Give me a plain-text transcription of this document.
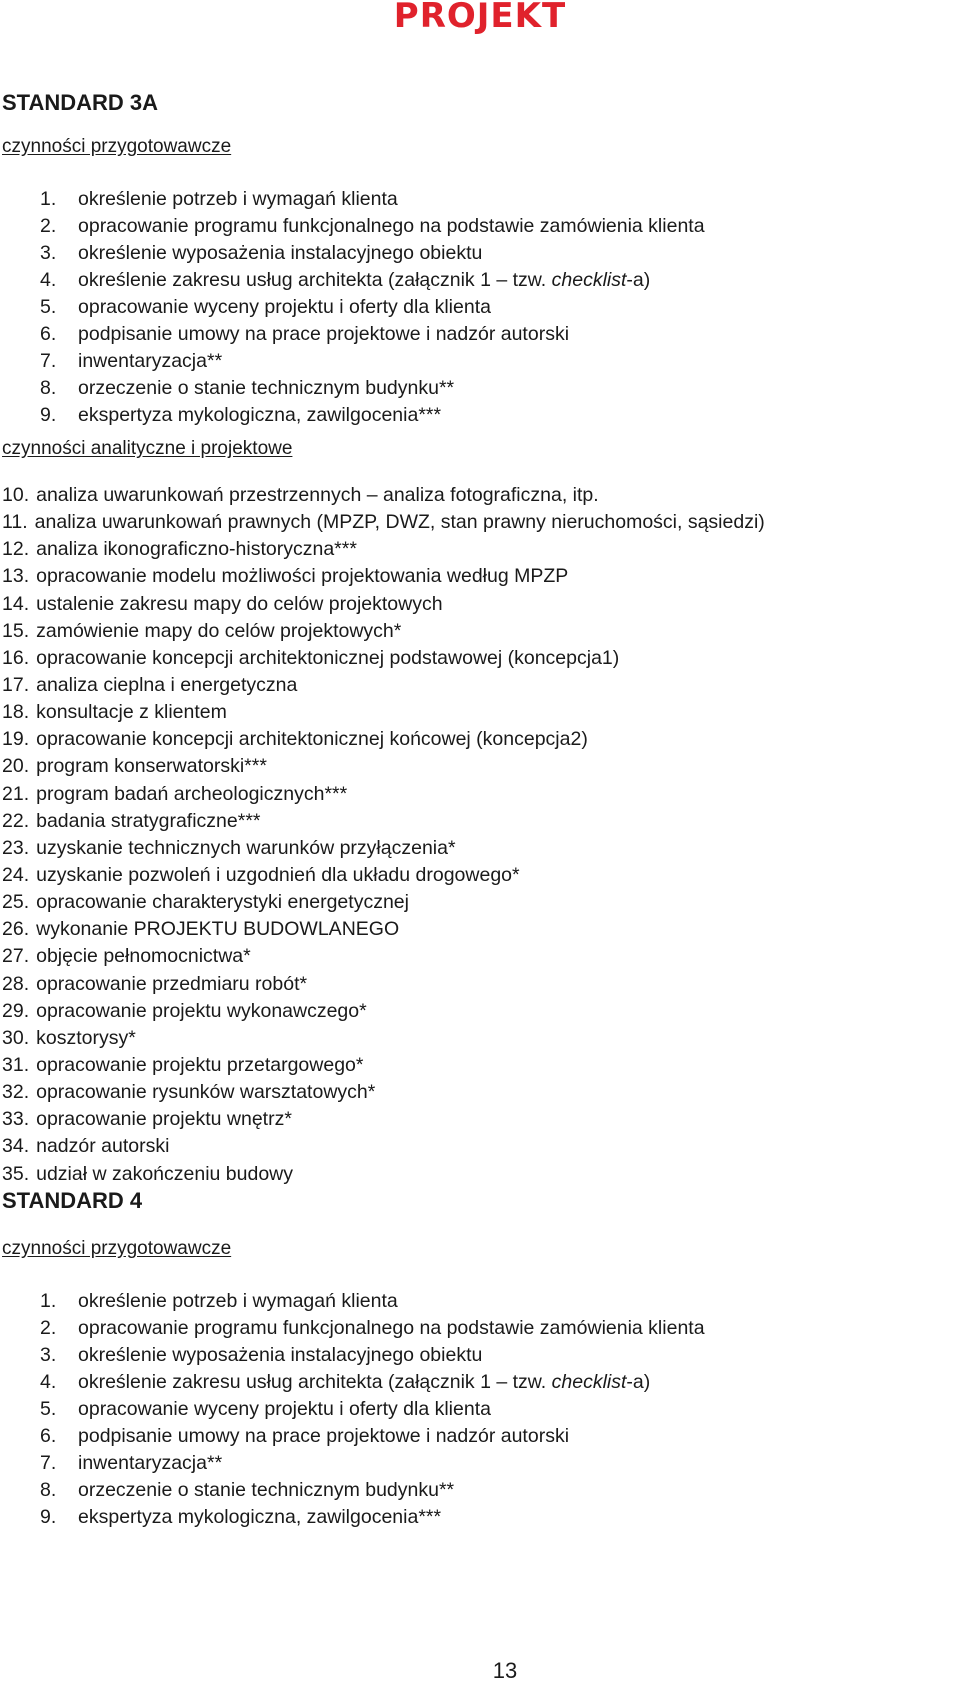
PROJEKT
STANDARD 3A
czynności przygotowawcze
1. określenie potrzeb i wymagań klienta
2. opracowanie programu funkcjonalnego na podstawie zamówienia klienta
3. określenie wyposażenia instalacyjnego obiektu
4. określenie zakresu usług architekta (załącznik 1 – tzw. checklist-a)
5. opracowanie wyceny projektu i oferty dla klienta
6. podpisanie umowy na prace projektowe i nadzór autorski
7. inwentaryzacja**
8. orzeczenie o stanie technicznym budynku**
9. ekspertyza mykologiczna, zawilgocenia***
czynności analityczne i projektowe
10. analiza uwarunkowań przestrzennych – analiza fotograficzna, itp.
11. analiza uwarunkowań prawnych (MPZP, DWZ, stan prawny nieruchomości, sąsiedzi)
12. analiza ikonograficzno-historyczna***
13. opracowanie modelu możliwości projektowania według MPZP
14. ustalenie zakresu mapy do celów projektowych
15. zamówienie mapy do celów projektowych*
16. opracowanie koncepcji architektonicznej podstawowej (koncepcja1)
17. analiza cieplna i energetyczna
18. konsultacje z klientem
19. opracowanie koncepcji architektonicznej końcowej (koncepcja2)
20. program konserwatorski***
21. program badań archeologicznych***
22. badania stratygraficzne***
23. uzyskanie technicznych warunków przyłączenia*
24. uzyskanie pozwoleń i uzgodnień dla układu drogowego*
25. opracowanie charakterystyki energetycznej
26. wykonanie PROJEKTU BUDOWLANEGO
27. objęcie pełnomocnictwa*
28. opracowanie przedmiaru robót*
29. opracowanie projektu wykonawczego*
30. kosztorysy*
31. opracowanie projektu przetargowego*
32. opracowanie rysunków warsztatowych*
33. opracowanie projektu wnętrz*
34. nadzór autorski
35. udział w zakończeniu budowy
STANDARD 4
czynności przygotowawcze
1. określenie potrzeb i wymagań klienta
2. opracowanie programu funkcjonalnego na podstawie zamówienia klienta
3. określenie wyposażenia instalacyjnego obiektu
4. określenie zakresu usług architekta (załącznik 1 – tzw. checklist-a)
5. opracowanie wyceny projektu i oferty dla klienta
6. podpisanie umowy na prace projektowe i nadzór autorski
7. inwentaryzacja**
8. orzeczenie o stanie technicznym budynku**
9. ekspertyza mykologiczna, zawilgocenia***
13
